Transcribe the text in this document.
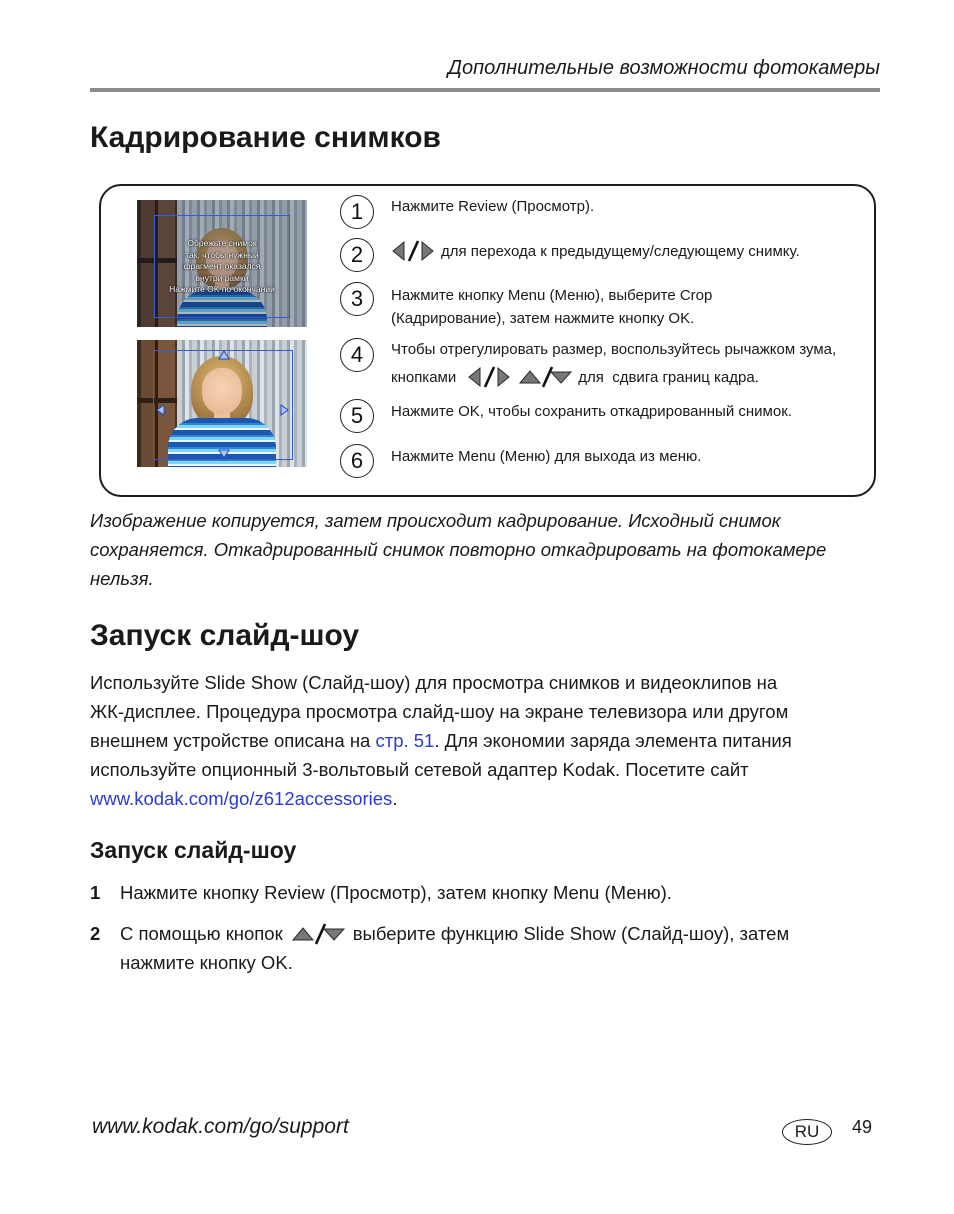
Дополнительные возможности фотокамеры
Кадрирование снимков
Обрежьте снимок
так, чтобы нужный
фрагмент оказался
внутри рамки
Нажмите OK по окончании
1
2
3
4
5
6
Нажмите Review (Просмотр).
для перехода к предыдущему/следующему снимку.
Нажмите кнопку Menu (Меню), выберите Crop
(Кадрирование), затем нажмите кнопку OK.
Чтобы отрегулировать размер, воспользуйтесь рычажком зума,
кнопками	для  сдвига границ кадра.
Нажмите OK, чтобы сохранить откадрированный снимок.
Нажмите Menu (Меню) для выхода из меню.
Изображение копируется, затем происходит кадрирование. Исходный снимок
сохраняется. Откадрированный снимок повторно откадрировать на фотокамере
нельзя.
Запуск слайд-шоу
Используйте Slide Show (Слайд-шоу) для просмотра снимков и видеоклипов на
ЖК-дисплее. Процедура просмотра слайд-шоу на экране телевизора или другом
внешнем устройстве описана на стр. 51. Для экономии заряда элемента питания
используйте опционный 3-вольтовый сетевой адаптер Kodak. Посетите сайт
www.kodak.com/go/z612accessories.
Запуск слайд-шоу
1 Нажмите кнопку Review (Просмотр), затем кнопку Menu (Меню).
2 С помощью кнопок	выберите функцию Slide Show (Слайд-шоу), затем
нажмите кнопку OK.
www.kodak.com/go/support	RU	49
